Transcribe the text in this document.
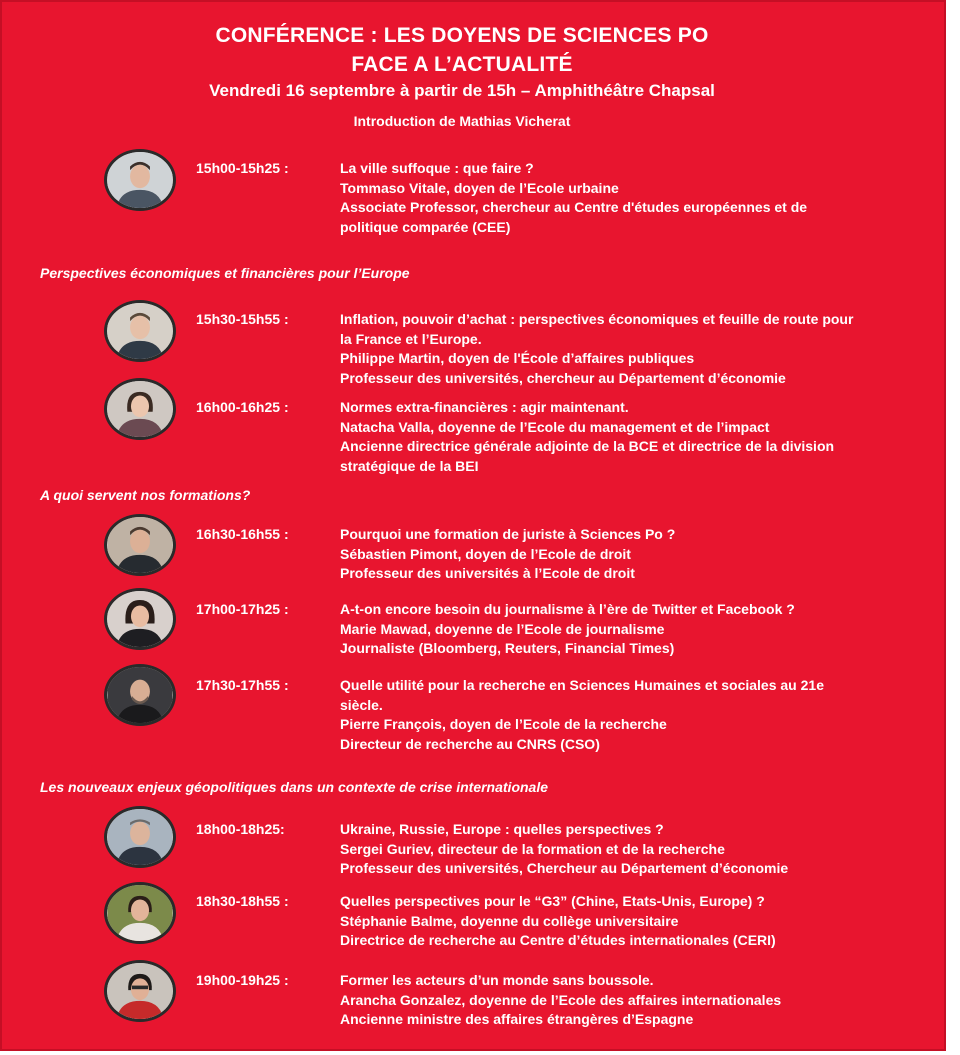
CONFÉRENCE : LES DOYENS DE SCIENCES PO
FACE A L’ACTUALITÉ
Vendredi 16 septembre à partir de 15h – Amphithéâtre Chapsal
Introduction de Mathias Vicherat
15h00-15h25 :	La ville suffoque : que faire ?
Tommaso Vitale, doyen de l’Ecole urbaine
Associate Professor, chercheur au Centre d'études européennes et de
politique comparée (CEE)
Perspectives économiques et financières pour l’Europe
15h30-15h55 :	Inflation, pouvoir d’achat : perspectives économiques et feuille de route pour
la France et l’Europe.
Philippe Martin, doyen de l'École d’affaires publiques
Professeur des universités, chercheur au Département d’économie
16h00-16h25 :	Normes extra-financières : agir maintenant.
Natacha Valla, doyenne de l’Ecole du management et de l’impact
Ancienne directrice générale adjointe de la BCE et directrice de la division
stratégique de la BEI
A quoi servent nos formations?
16h30-16h55 :	Pourquoi une formation de juriste à Sciences Po ?
Sébastien Pimont, doyen de l’Ecole de droit
Professeur des universités à l’Ecole de droit
17h00-17h25 :	A-t-on encore besoin du journalisme à l’ère de Twitter et Facebook ?
Marie Mawad, doyenne de l’Ecole de journalisme
Journaliste (Bloomberg, Reuters, Financial Times)
17h30-17h55 :	Quelle utilité pour la recherche en Sciences Humaines et sociales au 21e
siècle.
Pierre François, doyen de l’Ecole de la recherche
Directeur de recherche au CNRS (CSO)
Les nouveaux enjeux géopolitiques dans un contexte de crise internationale
18h00-18h25:	Ukraine, Russie, Europe : quelles perspectives ?
Sergei Guriev, directeur de la formation et de la recherche
Professeur des universités, Chercheur au Département d’économie
18h30-18h55 :	Quelles perspectives pour le “G3” (Chine, Etats-Unis, Europe) ?
Stéphanie Balme, doyenne du collège universitaire
Directrice de recherche au Centre d’études internationales (CERI)
19h00-19h25 :	Former les acteurs d’un monde sans boussole.
Arancha Gonzalez, doyenne de l’Ecole des affaires internationales
Ancienne ministre des affaires étrangères d’Espagne
